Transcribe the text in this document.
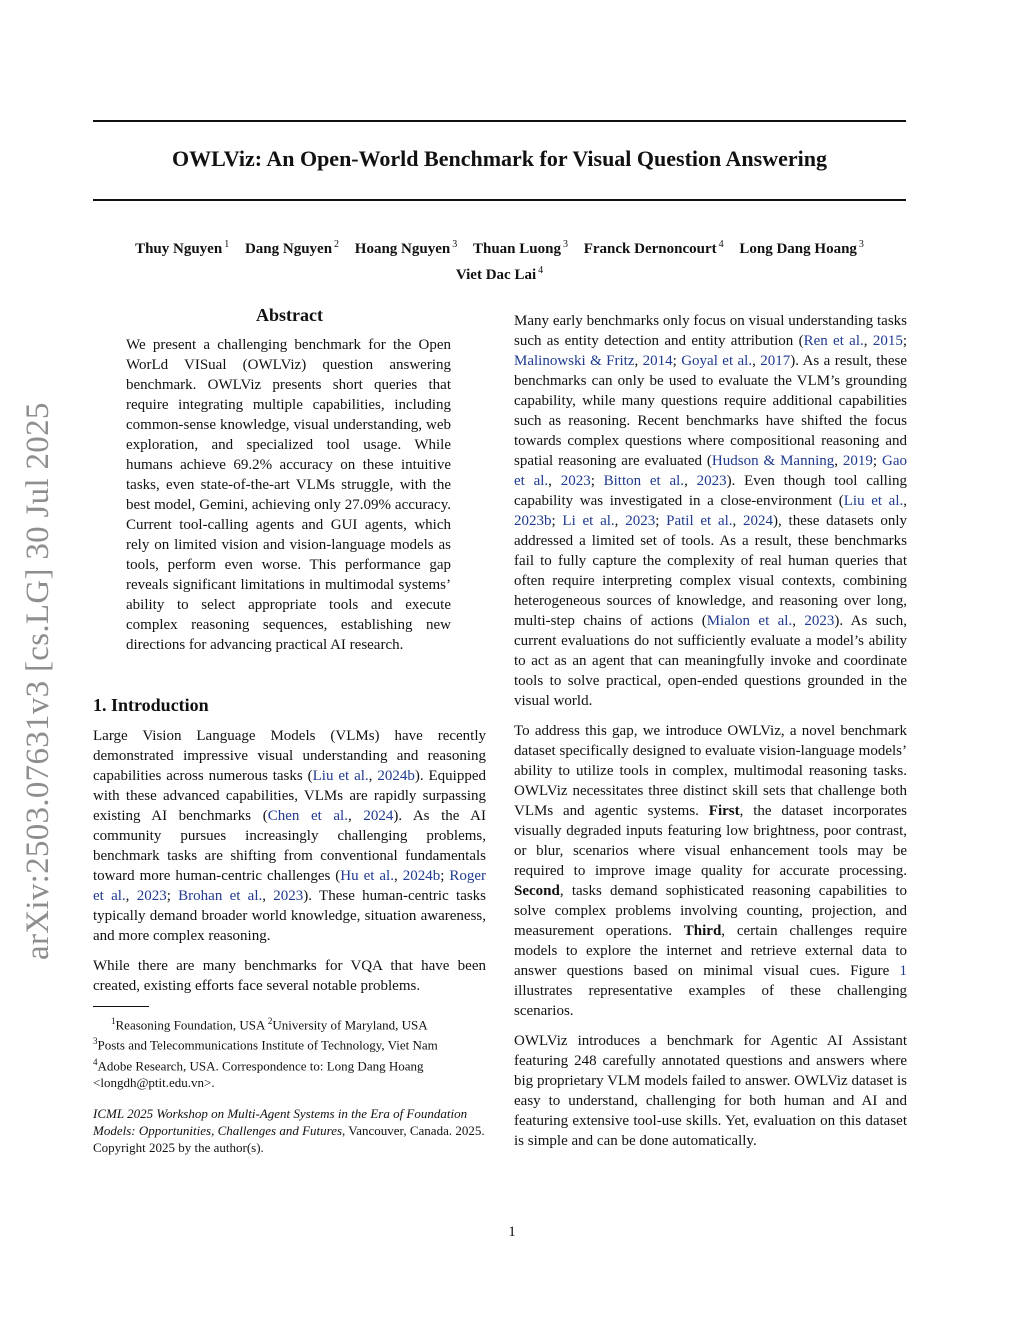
OWLViz: An Open-World Benchmark for Visual Question Answering
Thuy Nguyen $^1$ Dang Nguyen $^2$ Hoang Nguyen $^3$ Thuan Luong $^3$ Franck Dernoncourt $^4$ Long Dang Hoang $^3$
Viet Dac Lai $^4$
arXiv:2503.07631v3 [cs.LG] 30 Jul 2025
Abstract
We present a challenging benchmark for the Open WorLd VISual (OWLViz) question answering benchmark. OWLViz presents short queries that require integrating multiple capabilities, including common-sense knowledge, visual understanding, web exploration, and specialized tool usage. While humans achieve 69.2% accuracy on these intuitive tasks, even state-of-the-art VLMs struggle, with the best model, Gemini, achieving only 27.09% accuracy. Current tool-calling agents and GUI agents, which rely on limited vision and vision-language models as tools, perform even worse. This performance gap reveals significant limitations in multimodal systems’ ability to select appropriate tools and execute complex reasoning sequences, establishing new directions for advancing practical AI research.
1. Introduction

Large Vision Language Models (VLMs) have recently demonstrated impressive visual understanding and reasoning capabilities across numerous tasks (Liu et al., 2024b). Equipped with these advanced capabilities, VLMs are rapidly surpassing existing AI benchmarks (Chen et al., 2024). As the AI community pursues increasingly challenging problems, benchmark tasks are shifting from conventional fundamentals toward more human-centric challenges (Hu et al., 2024b; Roger et al., 2023; Brohan et al., 2023). These human-centric tasks typically demand broader world knowledge, situation awareness, and more complex reasoning.

While there are many benchmarks for VQA that have been created, existing efforts face several notable problems.

$^1$Reasoning Foundation, USA $^2$University of Maryland, USA
$^3$Posts and Telecommunications Institute of Technology, Viet Nam
$^4$Adobe Research, USA. Correspondence to: Long Dang Hoang <longdh@ptit.edu.vn>.
ICML 2025 Workshop on Multi-Agent Systems in the Era of Foundation Models: Opportunities, Challenges and Futures, Vancouver, Canada. 2025. Copyright 2025 by the author(s).

Many early benchmarks only focus on visual understanding tasks such as entity detection and entity attribution (Ren et al., 2015; Malinowski & Fritz, 2014; Goyal et al., 2017). As a result, these benchmarks can only be used to evaluate the VLM’s grounding capability, while many questions require additional capabilities such as reasoning. Recent benchmarks have shifted the focus towards complex questions where compositional reasoning and spatial reasoning are evaluated (Hudson & Manning, 2019; Gao et al., 2023; Bitton et al., 2023). Even though tool calling capability was investigated in a close-environment (Liu et al., 2023b; Li et al., 2023; Patil et al., 2024), these datasets only addressed a limited set of tools. As a result, these benchmarks fail to fully capture the complexity of real human queries that often require interpreting complex visual contexts, combining heterogeneous sources of knowledge, and reasoning over long, multi-step chains of actions (Mialon et al., 2023). As such, current evaluations do not sufficiently evaluate a model’s ability to act as an agent that can meaningfully invoke and coordinate tools to solve practical, open-ended questions grounded in the visual world.

To address this gap, we introduce OWLViz, a novel benchmark dataset specifically designed to evaluate vision-language models’ ability to utilize tools in complex, multimodal reasoning tasks. OWLViz necessitates three distinct skill sets that challenge both VLMs and agentic systems. First, the dataset incorporates visually degraded inputs featuring low brightness, poor contrast, or blur, scenarios where visual enhancement tools may be required to improve image quality for accurate processing. Second, tasks demand sophisticated reasoning capabilities to solve complex problems involving counting, projection, and measurement operations. Third, certain challenges require models to explore the internet and retrieve external data to answer questions based on minimal visual cues. Figure 1 illustrates representative examples of these challenging scenarios.

OWLViz introduces a benchmark for Agentic AI Assistant featuring 248 carefully annotated questions and answers where big proprietary VLM models failed to answer. OWLViz dataset is easy to understand, challenging for both human and AI and featuring extensive tool-use skills. Yet, evaluation on this dataset is simple and can be done automatically.

1
